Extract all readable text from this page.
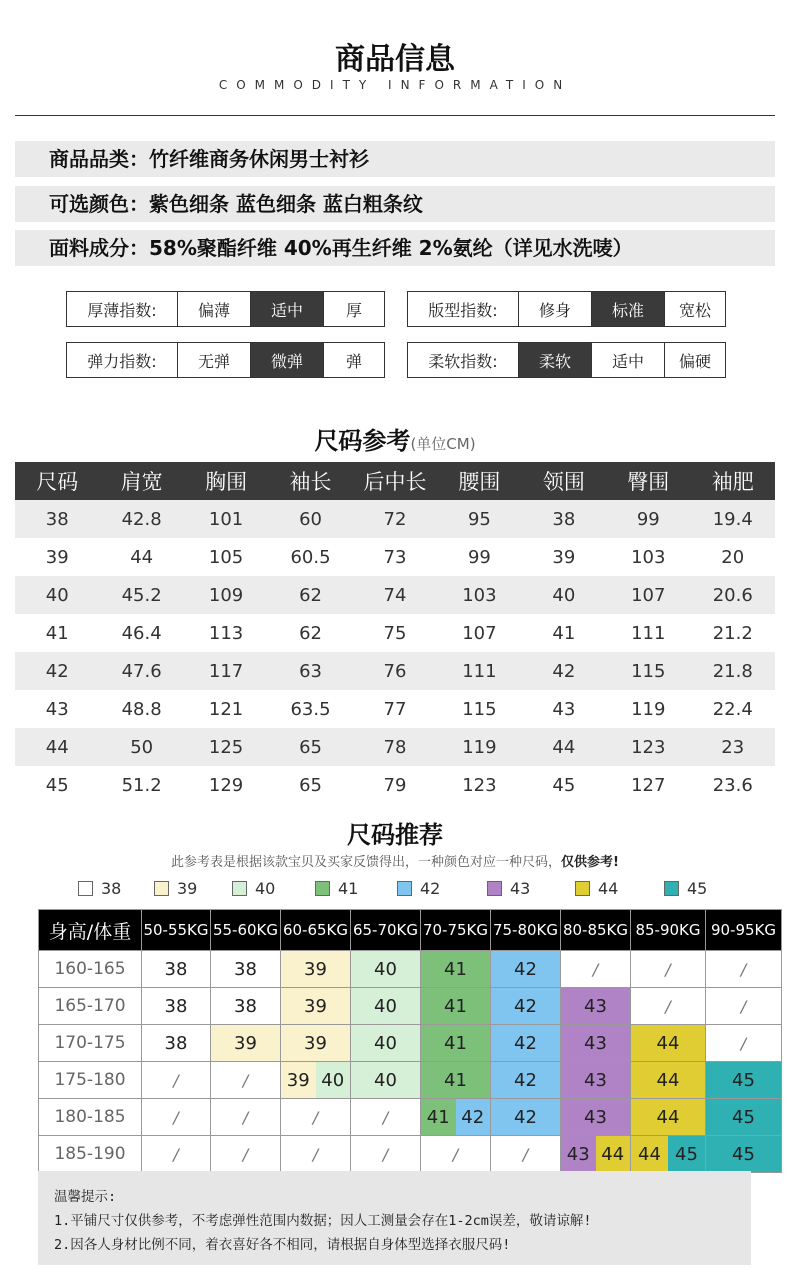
商品信息
COMMODITY INFORMATION
商品品类：竹纤维商务休闲男士衬衫
可选颜色：紫色细条 蓝色细条 蓝白粗条纹
面料成分：58%聚酯纤维 40%再生纤维 2%氨纶（详见水洗唛）
厚薄指数:	偏薄	适中	厚	版型指数:	修身	标准	宽松
弹力指数:	无弹	微弹	弹	柔软指数:	柔软	适中	偏硬
尺码参考(单位CM)
尺码	肩宽	胸围	袖长	后中长	腰围	领围	臀围	袖肥
38	42.8	101	60	72	95	38	99	19.4
39	44	105	60.5	73	99	39	103	20
40	45.2	109	62	74	103	40	107	20.6
41	46.4	113	62	75	107	41	111	21.2
42	47.6	117	63	76	111	42	115	21.8
43	48.8	121	63.5	77	115	43	119	22.4
44	50	125	65	78	119	44	123	23
45	51.2	129	65	79	123	45	127	23.6
尺码推荐
此参考表是根据该款宝贝及买家反馈得出，一种颜色对应一种尺码，仅供参考!
38	39	40	41	42	43	44	45
身高/体重	50-55KG	55-60KG	60-65KG	65-70KG	70-75KG	75-80KG	80-85KG	85-90KG	90-95KG
160-165	38	38	39	40	41	42	/	/	/
165-170	38	38	39	40	41	42	43	/	/
170-175	38	39	39	40	41	42	43	44	/
175-180	/	/	39 40	40	41	42	43	44	45
180-185	/	/	/	/	41 42	42	43	44	45
185-190	/	/	/	/	/	/	43 44	44 45	45
温馨提示:
1.平铺尺寸仅供参考，不考虑弹性范围内数据；因人工测量会存在1-2cm误差，敬请谅解!
2.因各人身材比例不同，着衣喜好各不相同，请根据自身体型选择衣服尺码!
